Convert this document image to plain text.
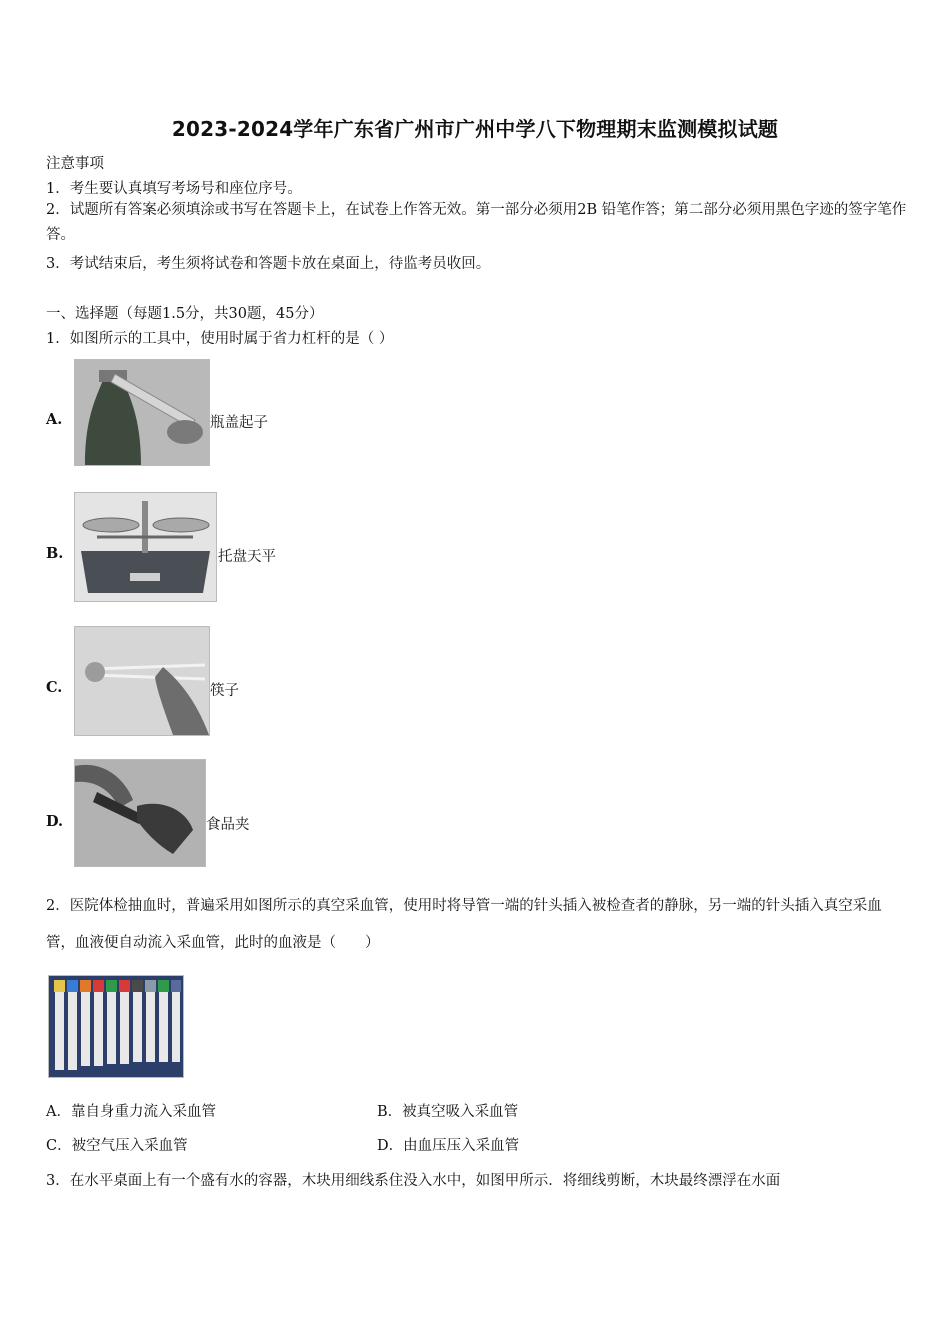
2023-2024学年广东省广州市广州中学八下物理期末监测模拟试题
注意事项
1．考生要认真填写考场号和座位序号。
2．试题所有答案必须填涂或书写在答题卡上，在试卷上作答无效。第一部分必须用2B 铅笔作答；第二部分必须用黑色字迹的签字笔作答。
3．考试结束后，考生须将试卷和答题卡放在桌面上，待监考员收回。
一、选择题（每题1.5分，共30题，45分）
1．如图所示的工具中，使用时属于省力杠杆的是（ ）
A.	瓶盖起子
B.	托盘天平
C.	筷子
D.	食品夹
2．医院体检抽血时，普遍采用如图所示的真空采血管，使用时将导管一端的针头插入被检查者的静脉，另一端的针头插入真空采血管，血液便自动流入采血管，此时的血液是（　　）
A．靠自身重力流入采血管	B．被真空吸入采血管
C．被空气压入采血管	D．由血压压入采血管
3．在水平桌面上有一个盛有水的容器，木块用细线系住没入水中，如图甲所示．将细线剪断，木块最终漂浮在水面
